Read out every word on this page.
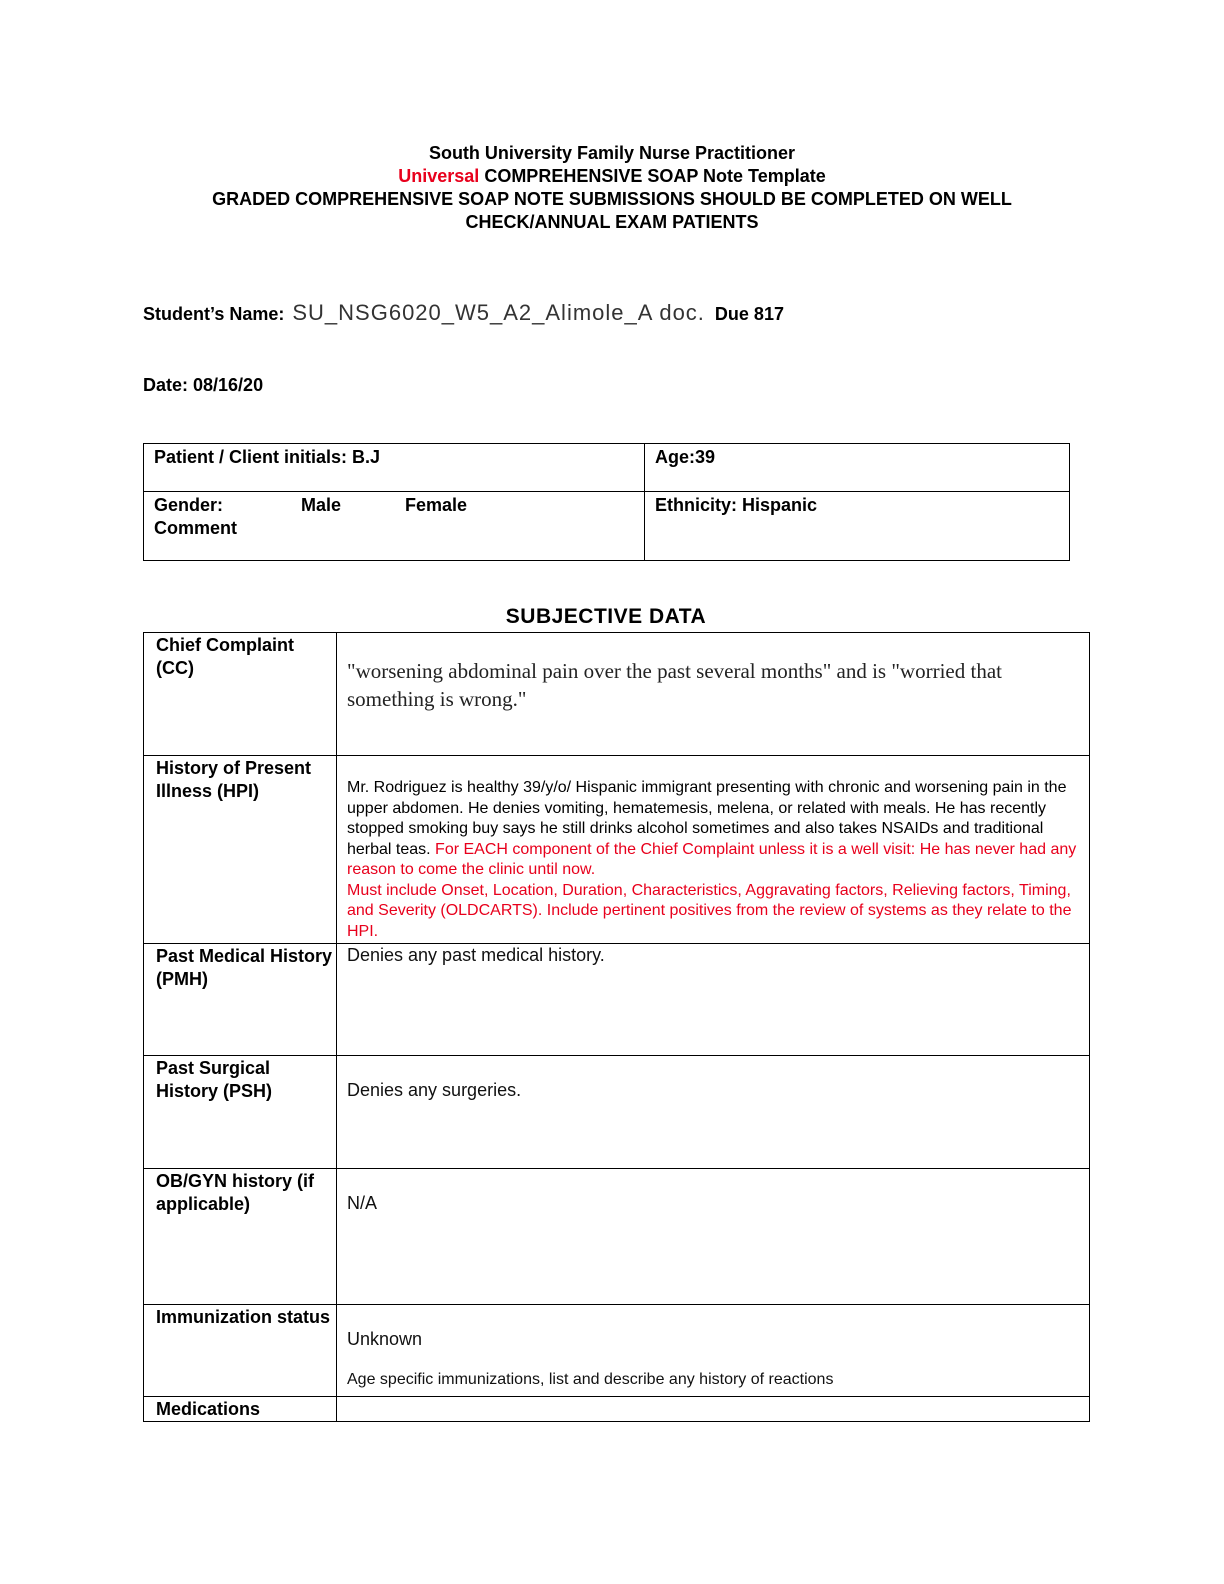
South University Family Nurse Practitioner
Universal COMPREHENSIVE SOAP Note Template
GRADED COMPREHENSIVE SOAP NOTE SUBMISSIONS SHOULD BE COMPLETED ON WELL
CHECK/ANNUAL EXAM PATIENTS
Student’s Name: SU_NSG6020_W5_A2_Alimole_A doc. Due 817
Date: 08/16/20
Patient / Client initials: B.J	Age:39

Gender: Male Female
Comment	Ethnicity: Hispanic
SUBJECTIVE DATA
Chief Complaint (CC)	"worsening abdominal pain over the past several months" and is "worried that something is wrong."

History of Present Illness (HPI)	Mr. Rodriguez is healthy 39/y/o/ Hispanic immigrant presenting with chronic and worsening pain in the upper abdomen. He denies vomiting, hematemesis, melena, or related with meals. He has recently stopped smoking buy says he still drinks alcohol sometimes and also takes NSAIDs and traditional herbal teas. For EACH component of the Chief Complaint unless it is a well visit: He has never had any reason to come the clinic until now.
Must include Onset, Location, Duration, Characteristics, Aggravating factors, Relieving factors, Timing, and Severity (OLDCARTS). Include pertinent positives from the review of systems as they relate to the HPI.

Past Medical History (PMH)	Denies any past medical history.

Past Surgical History (PSH)	Denies any surgeries.

OB/GYN history (if applicable)	N/A

Immunization status	Unknown
Age specific immunizations, list and describe any history of reactions

Medications	
